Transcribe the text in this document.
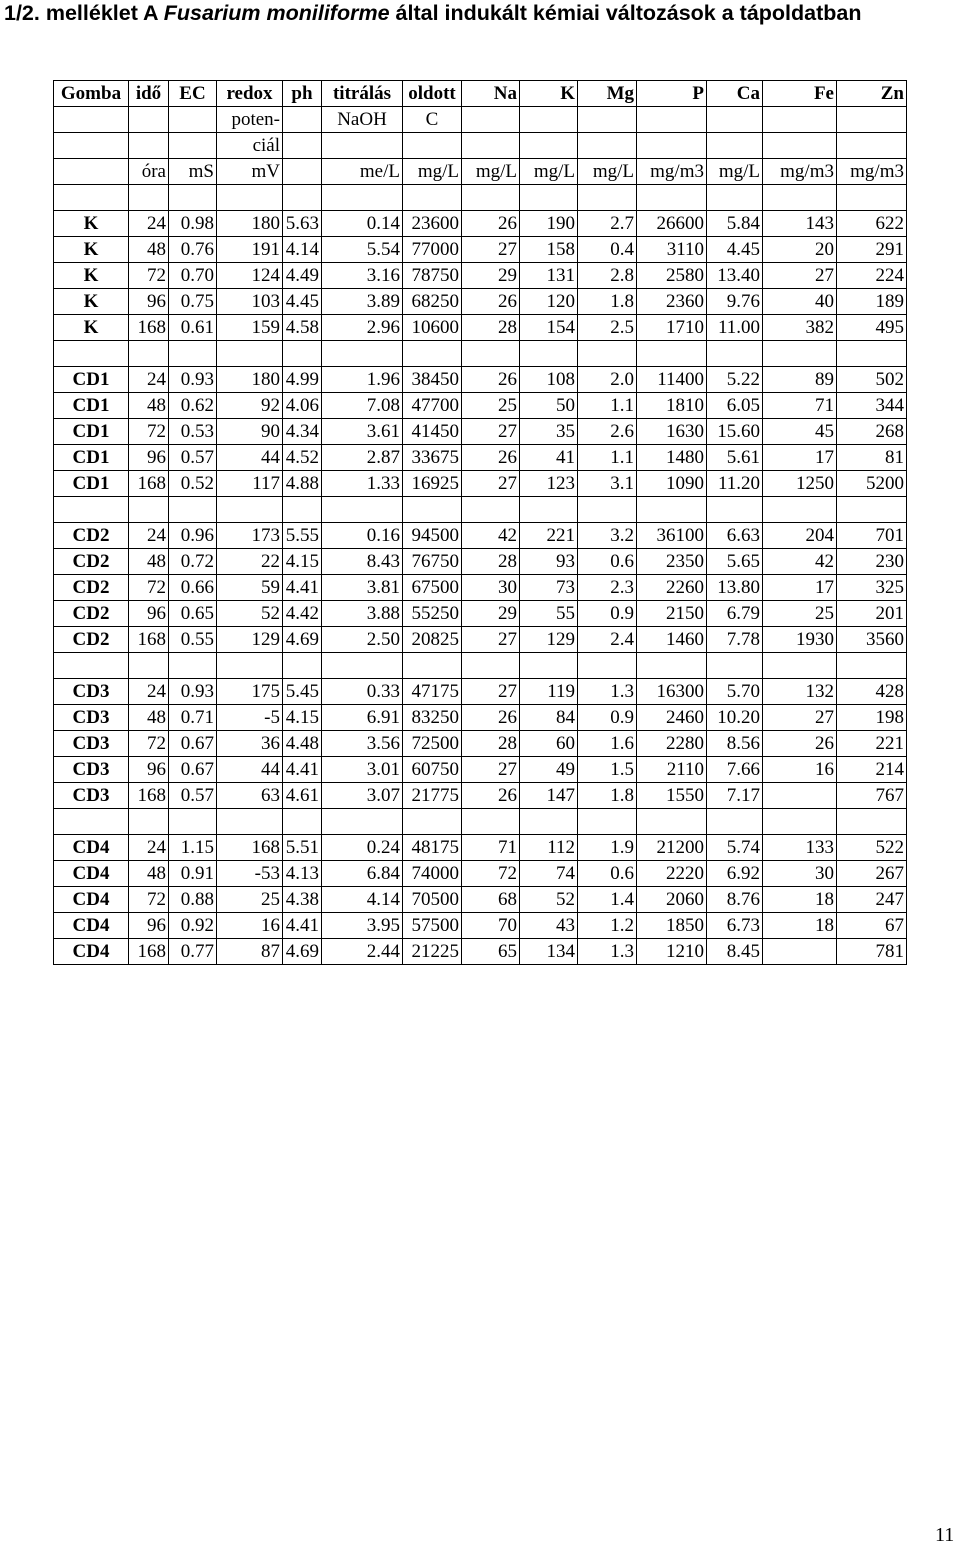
1/2. melléklet A Fusarium moniliforme által indukált kémiai változások a tápoldatban
Gomba	idő	EC	redox	ph	titrálás	oldott	Na	K	Mg	P	Ca	Fe	Zn
			poten-		NaOH	C							
			ciál										
	óra	mS	mV		me/L	mg/L	mg/L	mg/L	mg/L	mg/m3	mg/L	mg/m3	mg/m3

K	24	0.98	180	5.63	0.14	23600	26	190	2.7	26600	5.84	143	622
K	48	0.76	191	4.14	5.54	77000	27	158	0.4	3110	4.45	20	291
K	72	0.70	124	4.49	3.16	78750	29	131	2.8	2580	13.40	27	224
K	96	0.75	103	4.45	3.89	68250	26	120	1.8	2360	9.76	40	189
K	168	0.61	159	4.58	2.96	10600	28	154	2.5	1710	11.00	382	495

CD1	24	0.93	180	4.99	1.96	38450	26	108	2.0	11400	5.22	89	502
CD1	48	0.62	92	4.06	7.08	47700	25	50	1.1	1810	6.05	71	344
CD1	72	0.53	90	4.34	3.61	41450	27	35	2.6	1630	15.60	45	268
CD1	96	0.57	44	4.52	2.87	33675	26	41	1.1	1480	5.61	17	81
CD1	168	0.52	117	4.88	1.33	16925	27	123	3.1	1090	11.20	1250	5200

CD2	24	0.96	173	5.55	0.16	94500	42	221	3.2	36100	6.63	204	701
CD2	48	0.72	22	4.15	8.43	76750	28	93	0.6	2350	5.65	42	230
CD2	72	0.66	59	4.41	3.81	67500	30	73	2.3	2260	13.80	17	325
CD2	96	0.65	52	4.42	3.88	55250	29	55	0.9	2150	6.79	25	201
CD2	168	0.55	129	4.69	2.50	20825	27	129	2.4	1460	7.78	1930	3560

CD3	24	0.93	175	5.45	0.33	47175	27	119	1.3	16300	5.70	132	428
CD3	48	0.71	-5	4.15	6.91	83250	26	84	0.9	2460	10.20	27	198
CD3	72	0.67	36	4.48	3.56	72500	28	60	1.6	2280	8.56	26	221
CD3	96	0.67	44	4.41	3.01	60750	27	49	1.5	2110	7.66	16	214
CD3	168	0.57	63	4.61	3.07	21775	26	147	1.8	1550	7.17		767

CD4	24	1.15	168	5.51	0.24	48175	71	112	1.9	21200	5.74	133	522
CD4	48	0.91	-53	4.13	6.84	74000	72	74	0.6	2220	6.92	30	267
CD4	72	0.88	25	4.38	4.14	70500	68	52	1.4	2060	8.76	18	247
CD4	96	0.92	16	4.41	3.95	57500	70	43	1.2	1850	6.73	18	67
CD4	168	0.77	87	4.69	2.44	21225	65	134	1.3	1210	8.45		781
11
